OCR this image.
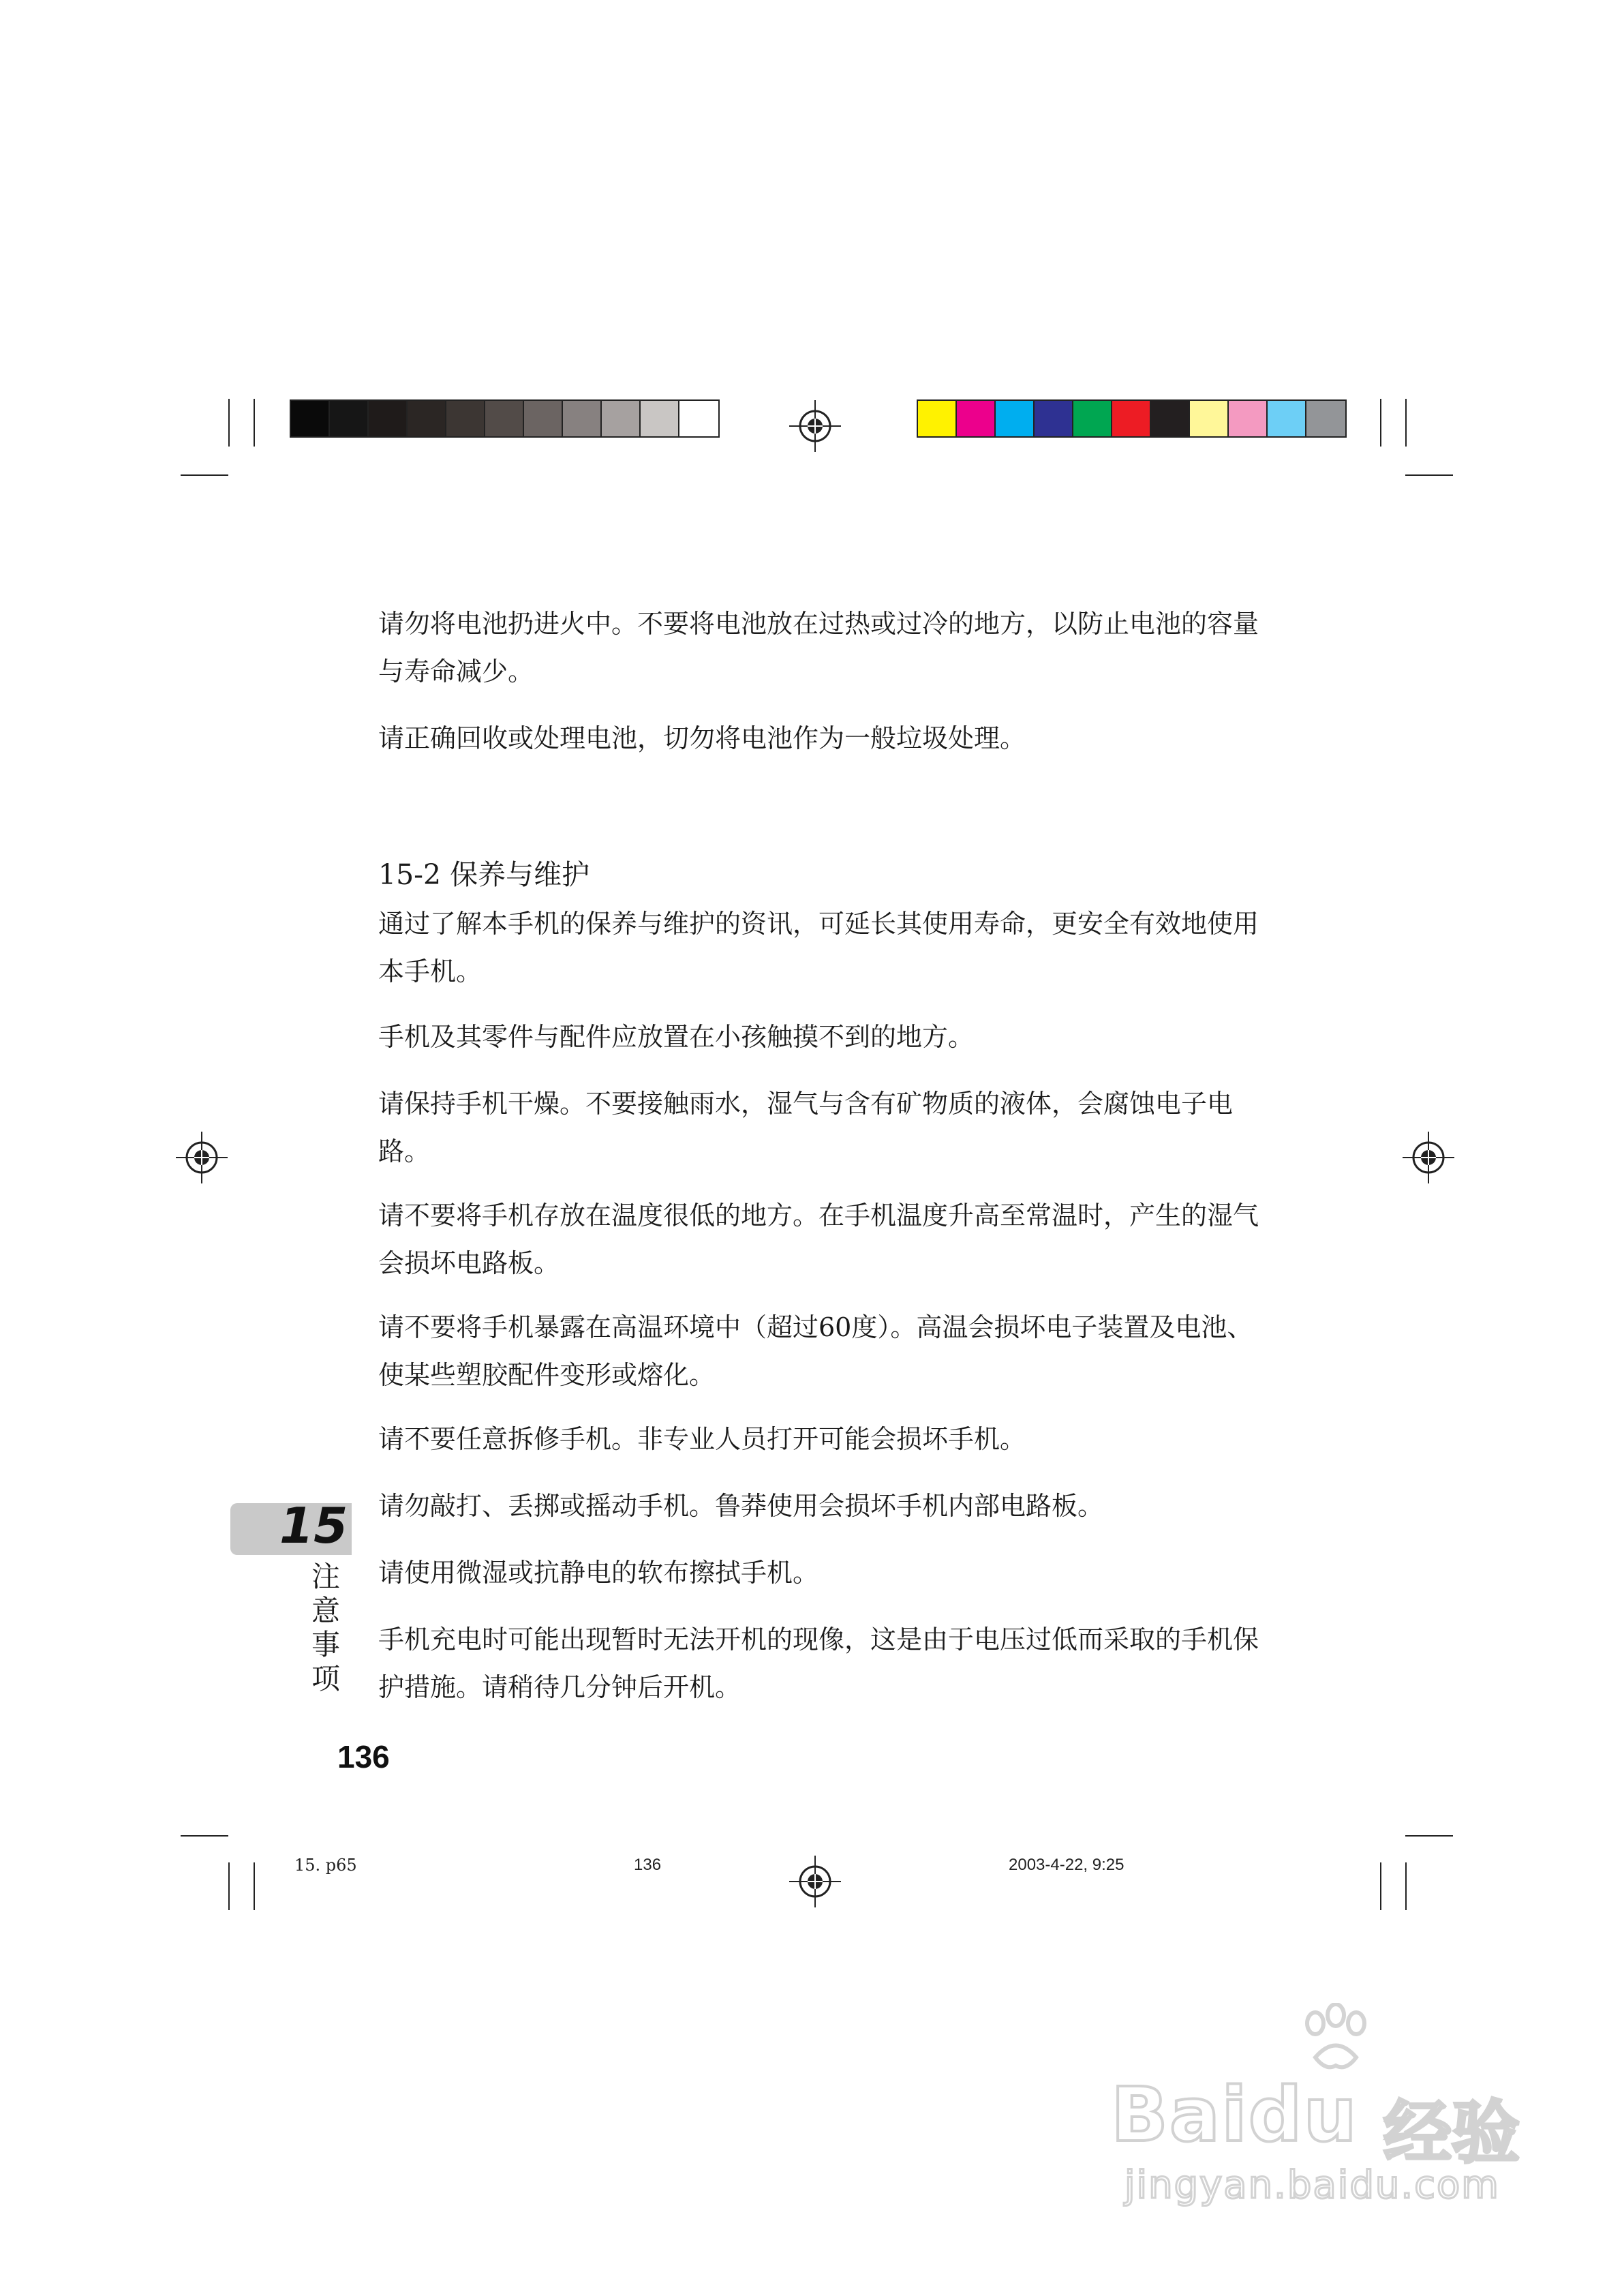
请勿将电池扔进火中。不要将电池放在过热或过冷的地方，以防止电池的容量与寿命减少。

请正确回收或处理电池，切勿将电池作为一般垃圾处理。

15-2 保养与维护

通过了解本手机的保养与维护的资讯，可延长其使用寿命，更安全有效地使用本手机。

手机及其零件与配件应放置在小孩触摸不到的地方。

请保持手机干燥。不要接触雨水，湿气与含有矿物质的液体，会腐蚀电子电路。

请不要将手机存放在温度很低的地方。在手机温度升高至常温时，产生的湿气会损坏电路板。

请不要将手机暴露在高温环境中（超过60度）。高温会损坏电子装置及电池、使某些塑胶配件变形或熔化。

请不要任意拆修手机。非专业人员打开可能会损坏手机。

请勿敲打、丢掷或摇动手机。鲁莽使用会损坏手机内部电路板。

请使用微湿或抗静电的软布擦拭手机。

手机充电时可能出现暂时无法开机的现像，这是由于电压过低而采取的手机保护措施。请稍待几分钟后开机。

15
注
意
事
项
136
15. p65	136	2003-4-22, 9:25
Baidu 经验
jingyan.baidu.com
